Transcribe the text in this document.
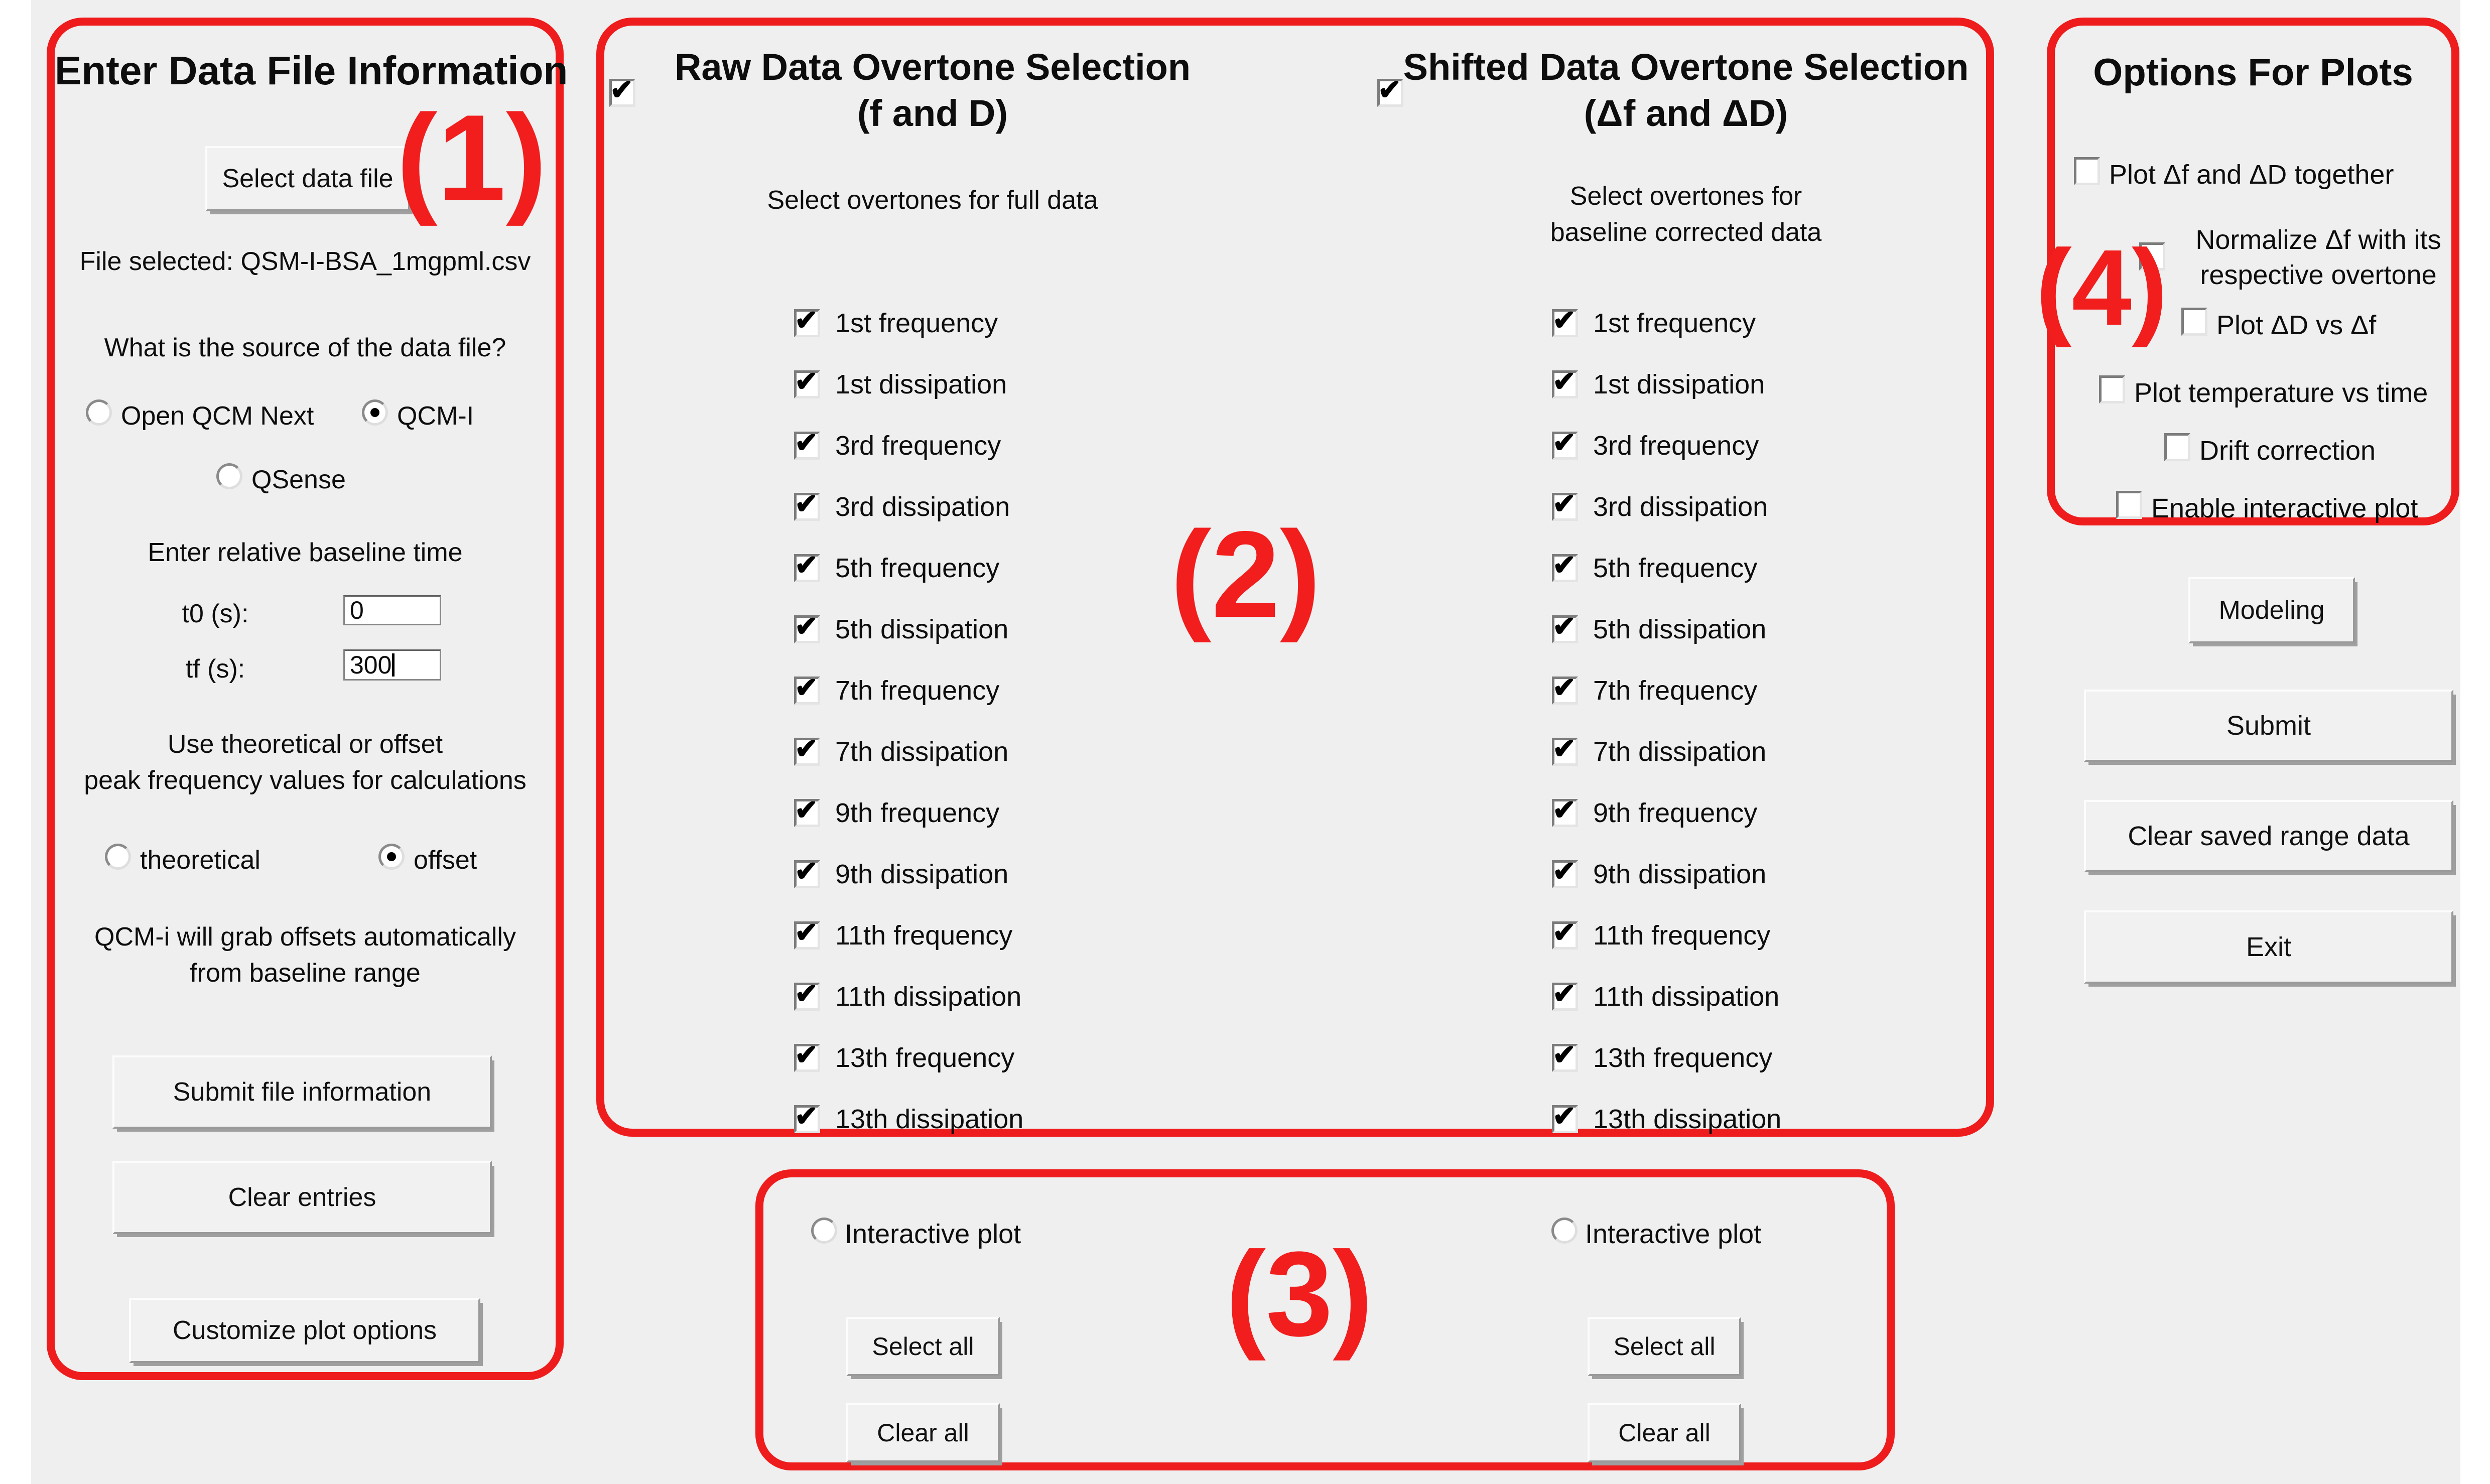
Enter Data File Information
Select data file
File selected: QSM-I-BSA_1mgpml.csv
What is the source of the data file?
Open QCM Next	QCM-I
QSense
Enter relative baseline time
t0 (s):	0
tf (s):	300
Use theoretical or offset
peak frequency values for calculations
theoretical	offset
QCM-i will grab offsets automatically
from baseline range
Submit file information
Clear entries
Customize plot options
✔
Raw Data Overtone Selection
(f and D)
Select overtones for full data
✔
1st frequency
✔
1st dissipation
✔
3rd frequency
✔
3rd dissipation
✔
5th frequency
✔
5th dissipation
✔
7th frequency
✔
7th dissipation
✔
9th frequency
✔
9th dissipation
✔
11th frequency
✔
11th dissipation
✔
13th frequency
✔
13th dissipation
✔
Shifted Data Overtone Selection
(Δf and ΔD)
Select overtones for
baseline corrected data
✔
1st frequency
✔
1st dissipation
✔
3rd frequency
✔
3rd dissipation
✔
5th frequency
✔
5th dissipation
✔
7th frequency
✔
7th dissipation
✔
9th frequency
✔
9th dissipation
✔
11th frequency
✔
11th dissipation
✔
13th frequency
✔
13th dissipation
Interactive plot
Select all
Clear all
Interactive plot
Select all
Clear all
Options For Plots
Plot Δf and ΔD together
Normalize Δf with its
respective overtone
Plot ΔD vs Δf
Plot temperature vs time
Drift correction
Enable interactive plot
Modeling
Submit
Clear saved range data
Exit
(1)
(2)
(3)
(4)
